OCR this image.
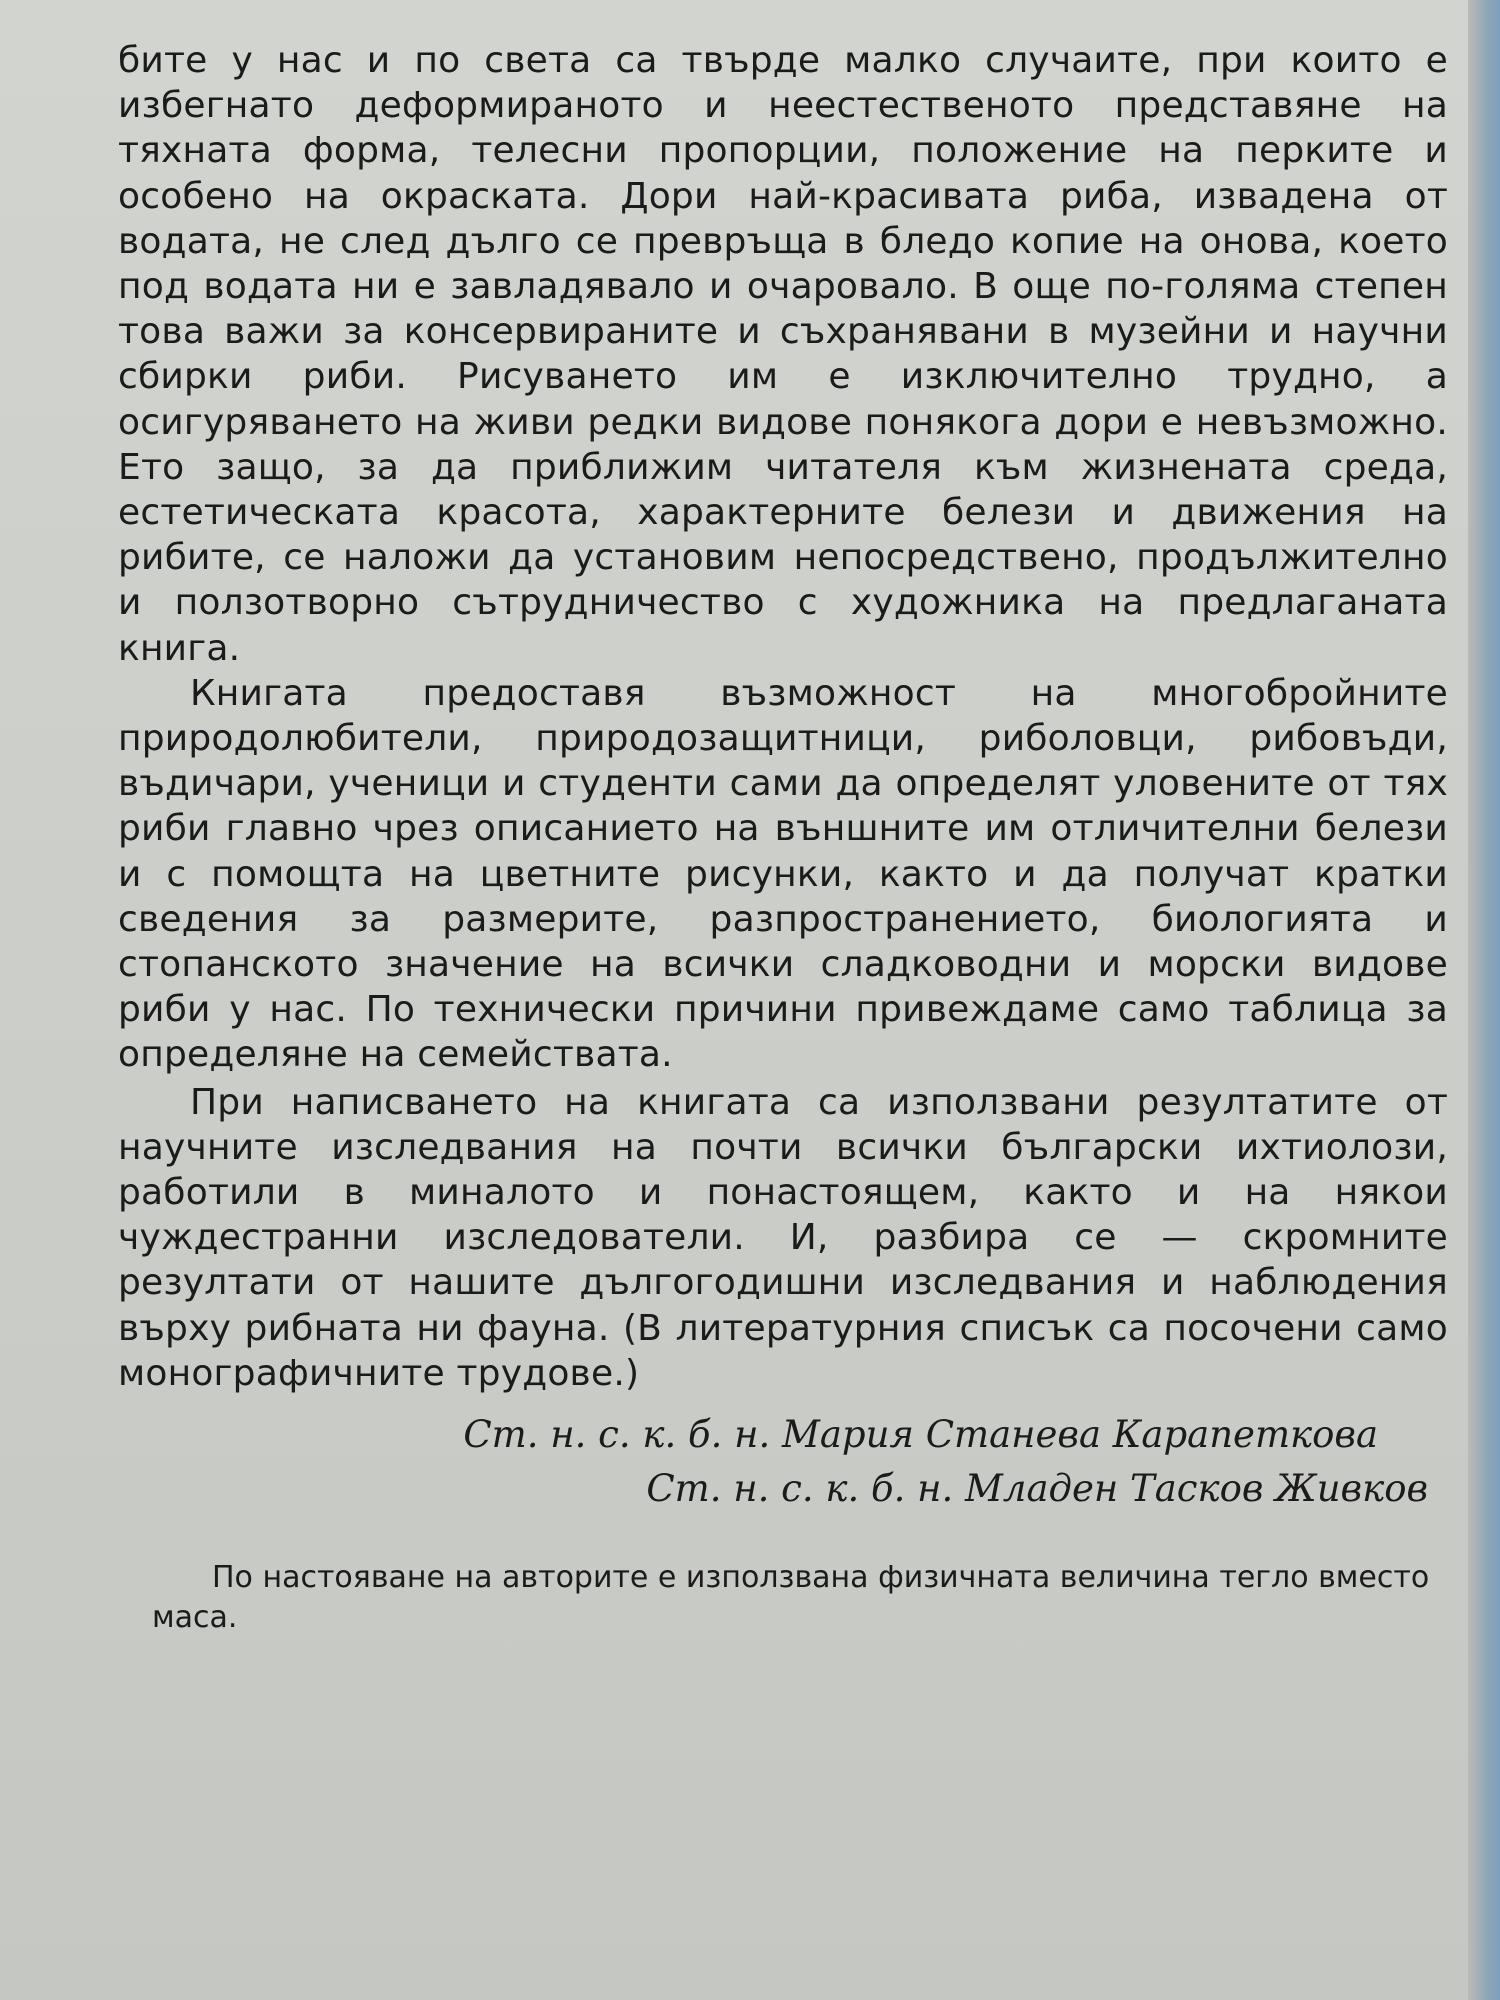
бите у нас и по света са твърде малко случаите, при които е избегнато деформираното и неестественото представяне на тяхната форма, телесни пропорции, положение на перките и особено на окраската. Дори най-красивата риба, извадена от водата, не след дълго се превръща в бледо копие на онова, което под водата ни е завладявало и очаровало. В още по-голяма степен това важи за консервираните и съхранявани в музейни и научни сбирки риби. Рисуването им е изключително трудно, а осигуряването на живи редки видове понякога дори е невъзможно. Ето защо, за да приближим читателя към жизнената среда, естетическата красота, характерните белези и движения на рибите, се наложи да установим непосредствено, продължително и ползотворно сътрудничество с художника на предлаганата книга.

Книгата предоставя възможност на многобройните природолюбители, природозащитници, риболовци, рибовъди, въдичари, ученици и студенти сами да определят уловените от тях риби главно чрез описанието на външните им отличителни белези и с помощта на цветните рисунки, както и да получат кратки сведения за размерите, разпространението, биологията и стопанското значение на всички сладководни и морски видове риби у нас. По технически причини привеждаме само таблица за определяне на семействата.

При написването на книгата са използвани резултатите от научните изследвания на почти всички български ихтиолози, работили в миналото и понастоящем, както и на някои чуждестранни изследователи. И, разбира се — скромните резултати от нашите дългогодишни изследвания и наблюдения върху рибната ни фауна. (В литературния списък са посочени само монографичните трудове.)

Ст. н. с. к. б. н. Мария Станева Карапеткова
Ст. н. с. к. б. н. Младен Тасков Живков

По настояване на авторите е използвана физичната величина тегло вместо маса.
